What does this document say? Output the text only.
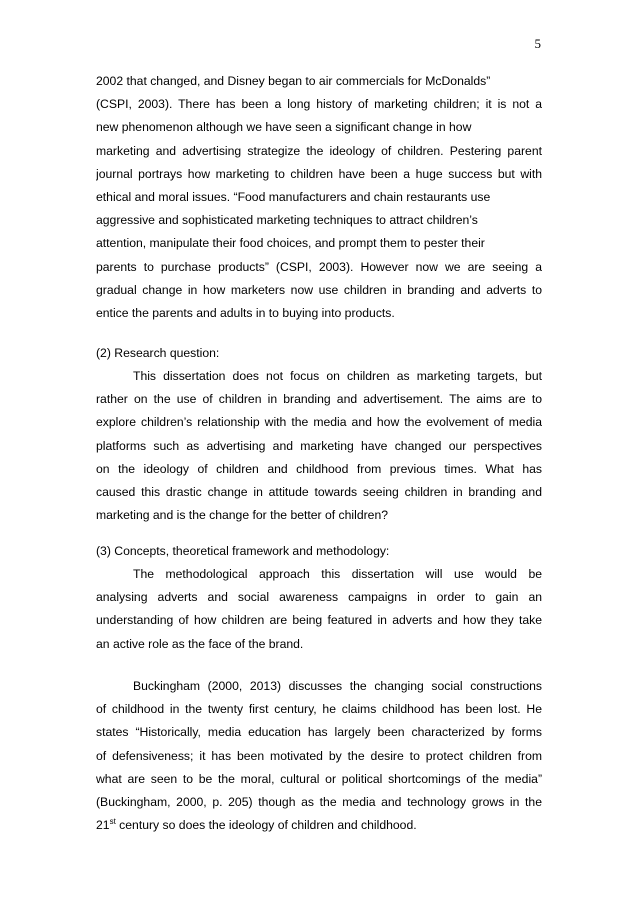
5
2002 that changed, and Disney began to air commercials for McDonalds”
(CSPI, 2003). There has been a long history of marketing children; it is not a
new phenomenon although we have seen a significant change in how
marketing and advertising strategize the ideology of children. Pestering parent
journal portrays how marketing to children have been a huge success but with
ethical and moral issues. “Food manufacturers and chain restaurants use
aggressive and sophisticated marketing techniques to attract children’s
attention, manipulate their food choices, and prompt them to pester their
parents to purchase products” (CSPI, 2003). However now we are seeing a
gradual change in how marketers now use children in branding and adverts to
entice the parents and adults in to buying into products.
(2) Research question:
This dissertation does not focus on children as marketing targets, but
rather on the use of children in branding and advertisement. The aims are to
explore children’s relationship with the media and how the evolvement of media
platforms such as advertising and marketing have changed our perspectives
on the ideology of children and childhood from previous times. What has
caused this drastic change in attitude towards seeing children in branding and
marketing and is the change for the better of children?
(3) Concepts, theoretical framework and methodology:
The methodological approach this dissertation will use would be
analysing adverts and social awareness campaigns in order to gain an
understanding of how children are being featured in adverts and how they take
an active role as the face of the brand.
Buckingham (2000, 2013) discusses the changing social constructions
of childhood in the twenty first century, he claims childhood has been lost. He
states “Historically, media education has largely been characterized by forms
of defensiveness; it has been motivated by the desire to protect children from
what are seen to be the moral, cultural or political shortcomings of the media”
(Buckingham, 2000, p. 205) though as the media and technology grows in the
21st century so does the ideology of children and childhood.
